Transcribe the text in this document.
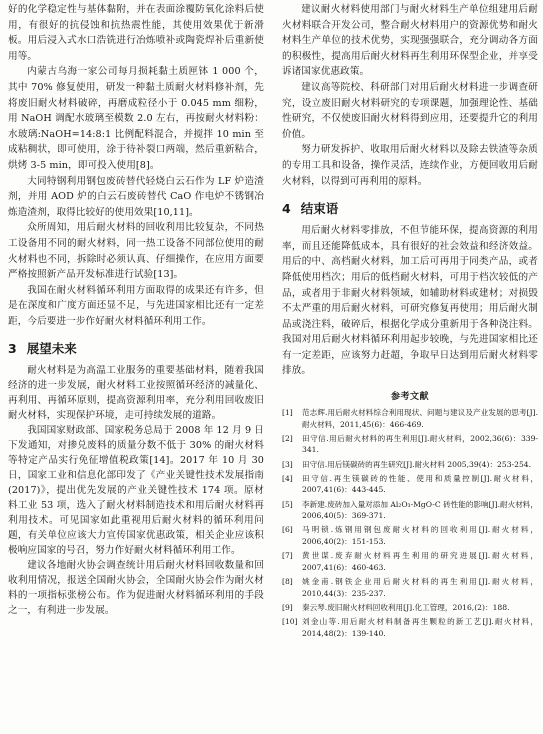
好的化学稳定性与基体黏附，并在表面涂覆防氧化涂料后使用，有很好的抗侵蚀和抗热震性能，其使用效果优于新滑板。用后浸入式水口浩铣进行冶炼喷补或陶瓷焊补后重新使用等。

内蒙古乌海一家公司每月损耗黏土质匣钵 1 000 个，其中 70% 修复使用，研发一种黏土质耐火材料修补剂，先将废旧耐火材料破碎，再磨成粒径小于 0.045 mm 细粉，用 NaOH 调配水玻璃至模数 2.0 左右，再按耐火材料粉：水玻璃:NaOH=14:8:1 比例配料混合，并搅拌 10 min 至成粘稠状，即可使用，涂于待补裂口两端，然后重新粘合，烘烤 3-5 min，即可投入使用[8]。

大同特钢利用钢包废砖替代轻烧白云石作为 LF 炉造渣剂，并用 AOD 炉的白云石废砖替代 CaO 作电炉不锈钢冶炼造渣剂，取得比较好的使用效果[10,11]。

众所周知，用后耐火材料的回收利用比较复杂，不同热工设备用不同的耐火材料，同一热工设备不同部位使用的耐火材料也不同，拆除时必须认真、仔细操作，在应用方面要严格按照新产品开发标准进行试验[13]。

我国在耐火材料循环利用方面取得的成果还有许多，但是在深度和广度方面还显不足，与先进国家相比还有一定差距，今后要进一步作好耐火材料循环利用工作。

3 展望未来

耐火材料是为高温工业服务的重要基础材料，随着我国经济的进一步发展，耐火材料工业按照循环经济的减量化、再利用、再循环原则，提高资源利用率，充分利用回收废旧耐火材料，实现保护环境，走可持续发展的道路。

我国国家财政部、国家税务总局于 2008 年 12 月 9 日下发通知，对掺兑废料的质量分数不低于 30% 的耐火材料等特定产品实行免征增值税政策[14]。2017 年 10 月 30 日，国家工业和信息化部印发了《产业关键性技术发展指南(2017)》，提出优先发展的产业关键性技术 174 项。原材料工业 53 项，选入了耐火材料制造技术和用后耐火材料再利用技术。可见国家如此重视用后耐火材料的循环利用问题，有关单位应该大力宣传国家优惠政策，相关企业应该积极响应国家的号召，努力作好耐火材料循环利用工作。

建议各地耐火协会调查统计用后耐火材料回收数量和回收利用情况，报送全国耐火协会，全国耐火协会作为耐火材料的一项指标张榜公布。作为促进耐火材料循环利用的手段之一，有利进一步发展。

建议耐火材料使用部门与耐火材料生产单位组建用后耐火材料联合开发公司，整合耐火材料用户的资源优势和耐火材料生产单位的技术优势，实现强强联合，充分调动各方面的积极性，提高用后耐火材料再生利用环保型企业，并享受诉诸国家优惠政策。

建议高等院校、科研部门对用后耐火材料进一步调查研究，设立废旧耐火材料研究的专项课题，加强理论性、基础性研究，不仅使废旧耐火材料得到应用，还要提升它的利用价值。

努力研发拆护、收取用后耐火材料以及除去铁渣等杂质的专用工具和设备，操作灵活，连续作业，方便回收用后耐火材料，以得到可再利用的原料。

4 结束语

用后耐火材料零排放，不但节能环保，提高资源的利用率，而且还能降低成本，具有很好的社会效益和经济效益。用后的中、高档耐火材料，加工后可再用于同类产品，或者降低使用档次；用后的低档耐火材料，可用于档次较低的产品，或者用于非耐火材料领域，如辅助材料或建材；对损毁不太严重的用后耐火材料，可研究修复再使用；用后耐火制品或浇注料，破碎后，根据化学成分重新用于各种浇注料。我国对用后耐火材料循环利用起步较晚，与先进国家相比还有一定差距，应该努力赶超，争取早日达到用后耐火材料零排放。

参考文献
[1]	范志辉.用后耐火材料综合利用现状、问题与建议及产业发展的思考[J].耐火材料，2011,45(6)：466-469.
[2]	田守信.用后耐火材料的再生利用[J].耐火材料，2002,36(6)：339-341.
[3]	田守信.用后镁碳砖的再生研究[J].耐火材料 2005,39(4)：253-254.
[4]	田守信.再生镁碳砖的性能、使用和质量控制[J].耐火材料，2007,41(6)：443-445.
[5]	李新建.废砖加入量对添加 Al₂O₃-MgO-C 砖性能的影响[J].耐火材料，2006,40(5)：369-371.
[6]	马明锁.炼钢用钢包废耐火材料的回收利用[J].耐火材料，2006,40(2)：151-153.
[7]	黄世谋.废弃耐火材料再生利用的研究进展[J].耐火材料，2007,41(6)：460-463.
[8]	姚金甫.钢铁企业用后耐火材料的再生利用[J].耐火材料，2010,44(3)：235-237.
[9]	秦云琴.废旧耐火材料回收利用[J].化工管理，2016,(2)：188.
[10] 刘金山等.用后耐火材料制备再生颗粒的新工艺[J].耐火材料，2014,48(2)：139-140.
